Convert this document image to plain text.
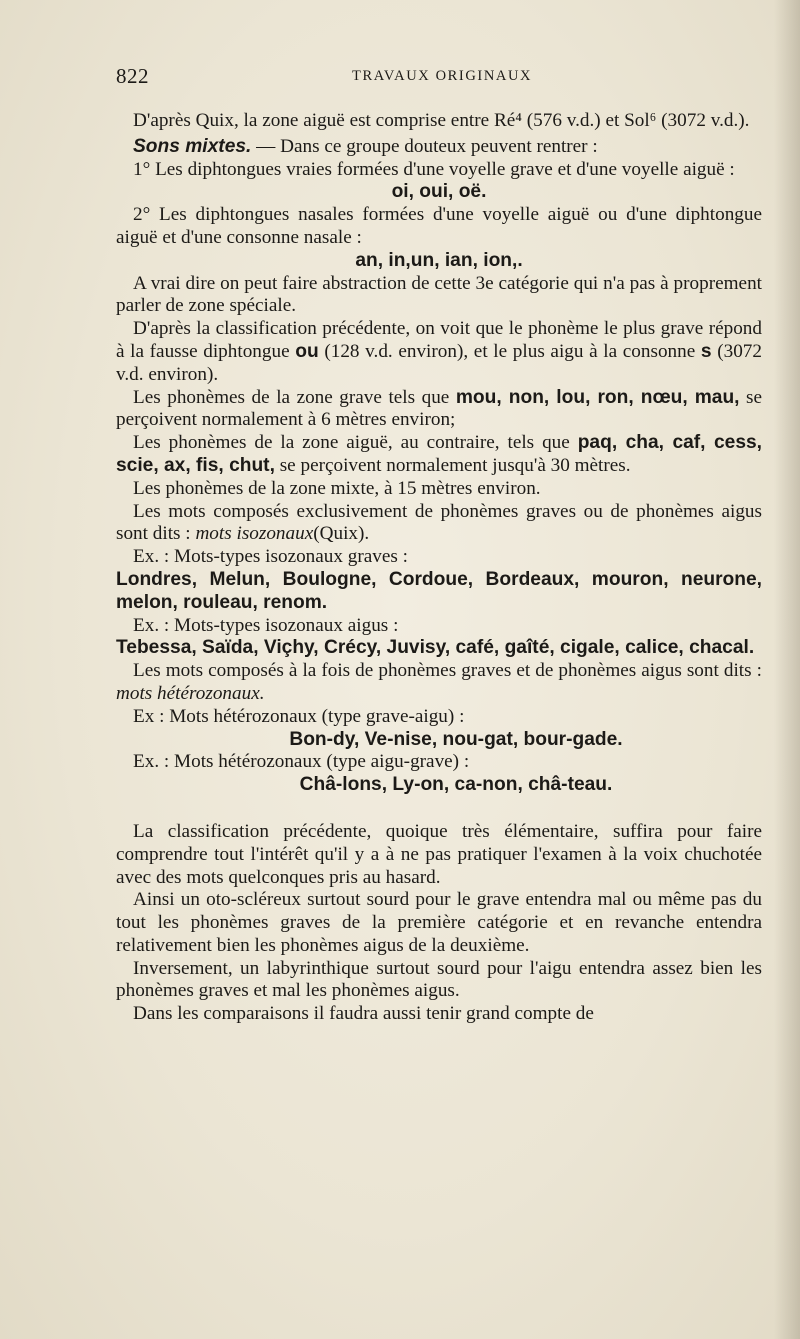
822	TRAVAUX ORIGINAUX

D'après Quix, la zone aiguë est comprise entre Ré⁴ (576 v.d.) et Sol⁶ (3072 v.d.).

Sons mixtes. — Dans ce groupe douteux peuvent rentrer :

1° Les diphtongues vraies formées d'une voyelle grave et d'une voyelle aiguë :

oi, oui, oë.

2° Les diphtongues nasales formées d'une voyelle aiguë ou d'une diphtongue aiguë et d'une consonne nasale :

an, in,un, ian, ion,.

A vrai dire on peut faire abstraction de cette 3e catégorie qui n'a pas à proprement parler de zone spéciale.

D'après la classification précédente, on voit que le phonème le plus grave répond à la fausse diphtongue ou (128 v.d. environ), et le plus aigu à la consonne s (3072 v.d. environ).

Les phonèmes de la zone grave tels que mou, non, lou, ron, nœu, mau, se perçoivent normalement à 6 mètres environ;

Les phonèmes de la zone aiguë, au contraire, tels que paq, cha, caf, cess, scie, ax, fis, chut, se perçoivent normalement jusqu'à 30 mètres.

Les phonèmes de la zone mixte, à 15 mètres environ.

Les mots composés exclusivement de phonèmes graves ou de phonèmes aigus sont dits : mots isozonaux(Quix).

Ex. : Mots-types isozonaux graves :

Londres, Melun, Boulogne, Cordoue, Bordeaux, mouron, neurone, melon, rouleau, renom.

Ex. : Mots-types isozonaux aigus :

Tebessa, Saïda, Viçhy, Crécy, Juvisy, café, gaîté, cigale, calice, chacal.

Les mots composés à la fois de phonèmes graves et de phonèmes aigus sont dits : mots hétérozonaux.

Ex : Mots hétérozonaux (type grave-aigu) :

Bon-dy, Ve-nise, nou-gat, bour-gade.

Ex. : Mots hétérozonaux (type aigu-grave) :

Châ-lons, Ly-on, ca-non, châ-teau.

La classification précédente, quoique très élémentaire, suffira pour faire comprendre tout l'intérêt qu'il y a à ne pas pratiquer l'examen à la voix chuchotée avec des mots quelconques pris au hasard.

Ainsi un oto-scléreux surtout sourd pour le grave entendra mal ou même pas du tout les phonèmes graves de la première catégorie et en revanche entendra relativement bien les phonèmes aigus de la deuxième.

Inversement, un labyrinthique surtout sourd pour l'aigu entendra assez bien les phonèmes graves et mal les phonèmes aigus.

Dans les comparaisons il faudra aussi tenir grand compte de
